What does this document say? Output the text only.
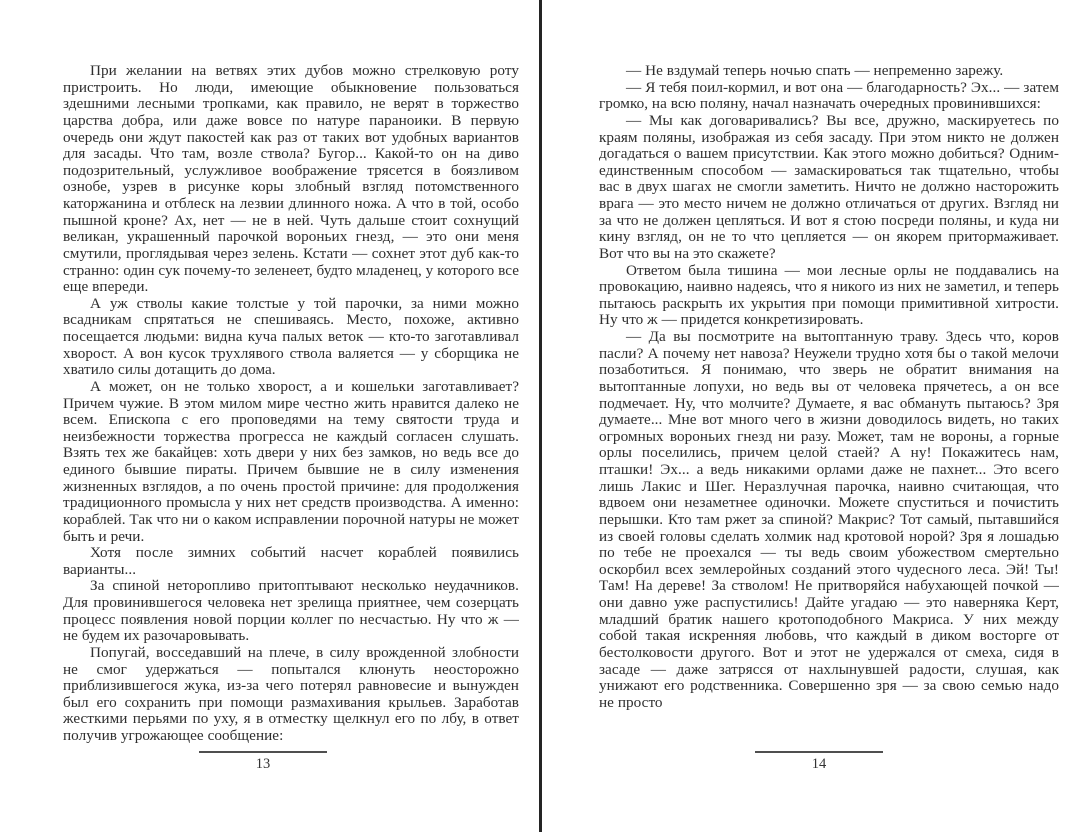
При желании на ветвях этих дубов можно стрелковую роту пристроить. Но люди, имеющие обыкновение пользоваться здешними лесными тропками, как правило, не верят в торжество царства добра, или даже вовсе по натуре параноики. В первую очередь они ждут пакостей как раз от таких вот удобных вариантов для засады. Что там, возле ствола? Бугор... Какой-то он на диво подозрительный, услужливое воображение трясется в боязливом ознобе, узрев в рисунке коры злобный взгляд потомственного каторжанина и отблеск на лезвии длинного ножа. А что в той, особо пышной кроне? Ах, нет — не в ней. Чуть дальше стоит сохнущий великан, украшенный парочкой вороньих гнезд, — это они меня смутили, проглядывая через зелень. Кстати — сохнет этот дуб как-то странно: один сук почему-то зеленеет, будто младенец, у которого все еще впереди.

А уж стволы какие толстые у той парочки, за ними можно всадникам спрятаться не спешиваясь. Место, похоже, активно посещается людьми: видна куча палых веток — кто-то заготавливал хворост. А вон кусок трухлявого ствола валяется — у сборщика не хватило силы дотащить до дома.

А может, он не только хворост, а и кошельки заготавливает? Причем чужие. В этом милом мире честно жить нравится далеко не всем. Епископа с его проповедями на тему святости труда и неизбежности торжества прогресса не каждый согласен слушать. Взять тех же бакайцев: хоть двери у них без замков, но ведь все до единого бывшие пираты. Причем бывшие не в силу изменения жизненных взглядов, а по очень простой причине: для продолжения традиционного промысла у них нет средств производства. А именно: кораблей. Так что ни о каком исправлении порочной натуры не может быть и речи.

Хотя после зимних событий насчет кораблей появились варианты...

За спиной неторопливо притоптывают несколько неудачников. Для провинившегося человека нет зрелища приятнее, чем созерцать процесс появления новой порции коллег по несчастью. Ну что ж — не будем их разочаровывать.

Попугай, восседавший на плече, в силу врожденной злобности не смог удержаться — попытался клюнуть неосторожно приблизившегося жука, из-за чего потерял равновесие и вынужден был его сохранить при помощи размахивания крыльев. Заработав жесткими перьями по уху, я в отместку щелкнул его по лбу, в ответ получив угрожающее сообщение:

— Не вздумай теперь ночью спать — непременно зарежу.

— Я тебя поил-кормил, и вот она — благодарность? Эх... — затем громко, на всю поляну, начал назначать очередных провинившихся:

— Мы как договаривались? Вы все, дружно, маскируетесь по краям поляны, изображая из себя засаду. При этом никто не должен догадаться о вашем присутствии. Как этого можно добиться? Одним-единственным способом — замаскироваться так тщательно, чтобы вас в двух шагах не смогли заметить. Ничто не должно насторожить врага — это место ничем не должно отличаться от других. Взгляд ни за что не должен цепляться. И вот я стою посреди поляны, и куда ни кину взгляд, он не то что цепляется — он якорем притормаживает. Вот что вы на это скажете?

Ответом была тишина — мои лесные орлы не поддавались на провокацию, наивно надеясь, что я никого из них не заметил, и теперь пытаюсь раскрыть их укрытия при помощи примитивной хитрости. Ну что ж — придется конкретизировать.

— Да вы посмотрите на вытоптанную траву. Здесь что, коров пасли? А почему нет навоза? Неужели трудно хотя бы о такой мелочи позаботиться. Я понимаю, что зверь не обратит внимания на вытоптанные лопухи, но ведь вы от человека прячетесь, а он все подмечает. Ну, что молчите? Думаете, я вас обмануть пытаюсь? Зря думаете... Мне вот много чего в жизни доводилось видеть, но таких огромных вороньих гнезд ни разу. Может, там не вороны, а горные орлы поселились, причем целой стаей? А ну! Покажитесь нам, пташки! Эх... а ведь никакими орлами даже не пахнет... Это всего лишь Лакис и Шег. Неразлучная парочка, наивно считающая, что вдвоем они незаметнее одиночки. Можете спуститься и почистить перышки. Кто там ржет за спиной? Макрис? Тот самый, пытавшийся из своей головы сделать холмик над кротовой норой? Зря я лошадью по тебе не проехался — ты ведь своим убожеством смертельно оскорбил всех землеройных созданий этого чудесного леса. Эй! Ты! Там! На дереве! За стволом! Не притворяйся набухающей почкой — они давно уже распустились! Дайте угадаю — это наверняка Керт, младший братик нашего кротоподобного Макриса. У них между собой такая искренняя любовь, что каждый в диком восторге от бестолковости другого. Вот и этот не удержался от смеха, сидя в засаде — даже затрясся от нахлынувшей радости, слушая, как унижают его родственника. Совершенно зря — за свою семью надо не просто

13	14
